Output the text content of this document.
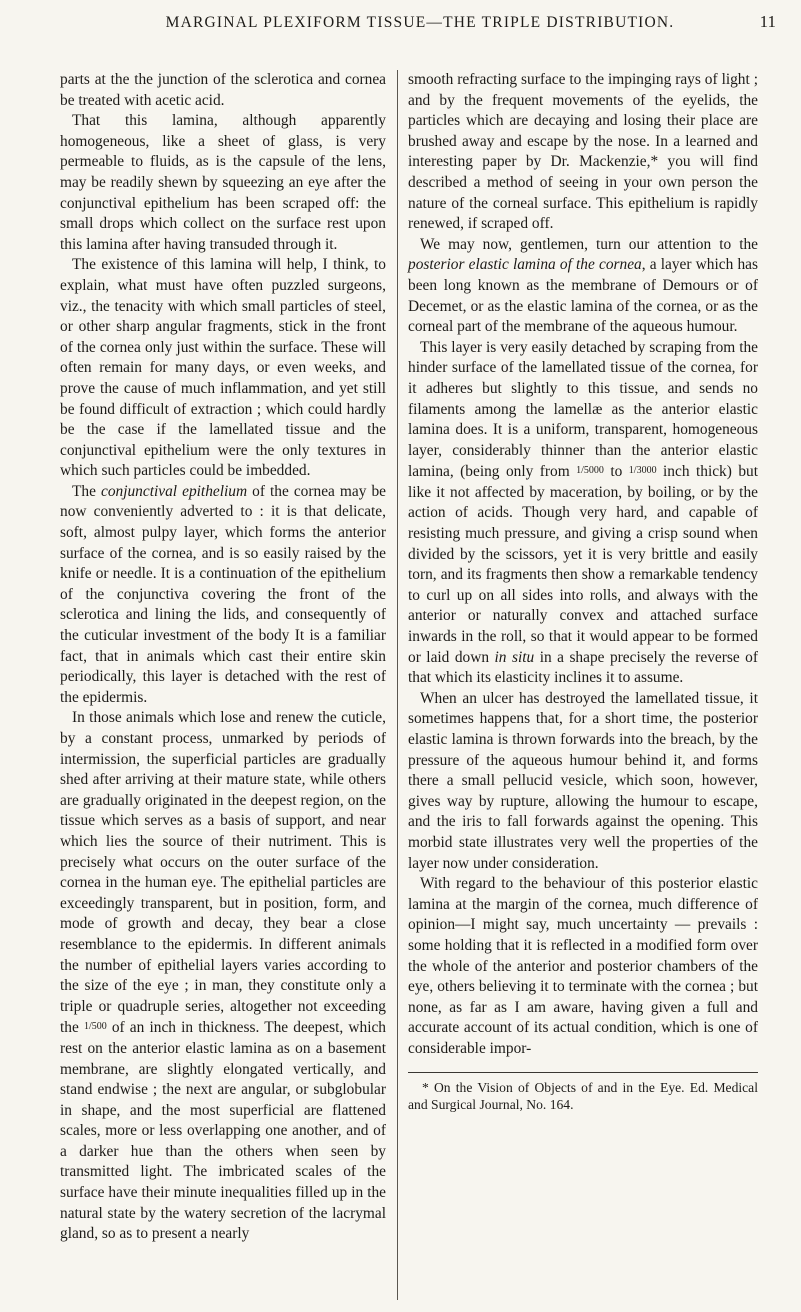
MARGINAL PLEXIFORM TISSUE—THE TRIPLE DISTRIBUTION.	11

parts at the the junction of the sclerotica and cornea be treated with acetic acid.

That this lamina, although apparently homogeneous, like a sheet of glass, is very permeable to fluids, as is the capsule of the lens, may be readily shewn by squeezing an eye after the conjunctival epithelium has been scraped off: the small drops which collect on the surface rest upon this lamina after having transuded through it.

The existence of this lamina will help, I think, to explain, what must have often puzzled surgeons, viz., the tenacity with which small particles of steel, or other sharp angular fragments, stick in the front of the cornea only just within the surface. These will often remain for many days, or even weeks, and prove the cause of much inflammation, and yet still be found difficult of extraction ; which could hardly be the case if the lamellated tissue and the conjunctival epithelium were the only textures in which such particles could be imbedded.

The conjunctival epithelium of the cornea may be now conveniently adverted to : it is that delicate, soft, almost pulpy layer, which forms the anterior surface of the cornea, and is so easily raised by the knife or needle. It is a continuation of the epithelium of the conjunctiva covering the front of the sclerotica and lining the lids, and consequently of the cuticular investment of the body It is a familiar fact, that in animals which cast their entire skin periodically, this layer is detached with the rest of the epidermis.

In those animals which lose and renew the cuticle, by a constant process, unmarked by periods of intermission, the superficial particles are gradually shed after arriving at their mature state, while others are gradually originated in the deepest region, on the tissue which serves as a basis of support, and near which lies the source of their nutriment. This is precisely what occurs on the outer surface of the cornea in the human eye. The epithelial particles are exceedingly transparent, but in position, form, and mode of growth and decay, they bear a close resemblance to the epidermis. In different animals the number of epithelial layers varies according to the size of the eye ; in man, they constitute only a triple or quadruple series, altogether not exceeding the 1/500 of an inch in thickness. The deepest, which rest on the anterior elastic lamina as on a basement membrane, are slightly elongated vertically, and stand endwise ; the next are angular, or subglobular in shape, and the most superficial are flattened scales, more or less overlapping one another, and of a darker hue than the others when seen by transmitted light. The imbricated scales of the surface have their minute inequalities filled up in the natural state by the watery secretion of the lacrymal gland, so as to present a nearly

smooth refracting surface to the impinging rays of light ; and by the frequent movements of the eyelids, the particles which are decaying and losing their place are brushed away and escape by the nose. In a learned and interesting paper by Dr. Mackenzie,* you will find described a method of seeing in your own person the nature of the corneal surface. This epithelium is rapidly renewed, if scraped off.

We may now, gentlemen, turn our attention to the posterior elastic lamina of the cornea, a layer which has been long known as the membrane of Demours or of Decemet, or as the elastic lamina of the cornea, or as the corneal part of the membrane of the aqueous humour.

This layer is very easily detached by scraping from the hinder surface of the lamellated tissue of the cornea, for it adheres but slightly to this tissue, and sends no filaments among the lamellæ as the anterior elastic lamina does. It is a uniform, transparent, homogeneous layer, considerably thinner than the anterior elastic lamina, (being only from 1/5000 to 1/3000 inch thick) but like it not affected by maceration, by boiling, or by the action of acids. Though very hard, and capable of resisting much pressure, and giving a crisp sound when divided by the scissors, yet it is very brittle and easily torn, and its fragments then show a remarkable tendency to curl up on all sides into rolls, and always with the anterior or naturally convex and attached surface inwards in the roll, so that it would appear to be formed or laid down in situ in a shape precisely the reverse of that which its elasticity inclines it to assume.

When an ulcer has destroyed the lamellated tissue, it sometimes happens that, for a short time, the posterior elastic lamina is thrown forwards into the breach, by the pressure of the aqueous humour behind it, and forms there a small pellucid vesicle, which soon, however, gives way by rupture, allowing the humour to escape, and the iris to fall forwards against the opening. This morbid state illustrates very well the properties of the layer now under consideration.

With regard to the behaviour of this posterior elastic lamina at the margin of the cornea, much difference of opinion—I might say, much uncertainty — prevails : some holding that it is reflected in a modified form over the whole of the anterior and posterior chambers of the eye, others believing it to terminate with the cornea ; but none, as far as I am aware, having given a full and accurate account of its actual condition, which is one of considerable impor-

* On the Vision of Objects of and in the Eye. Ed. Medical and Surgical Journal, No. 164.
